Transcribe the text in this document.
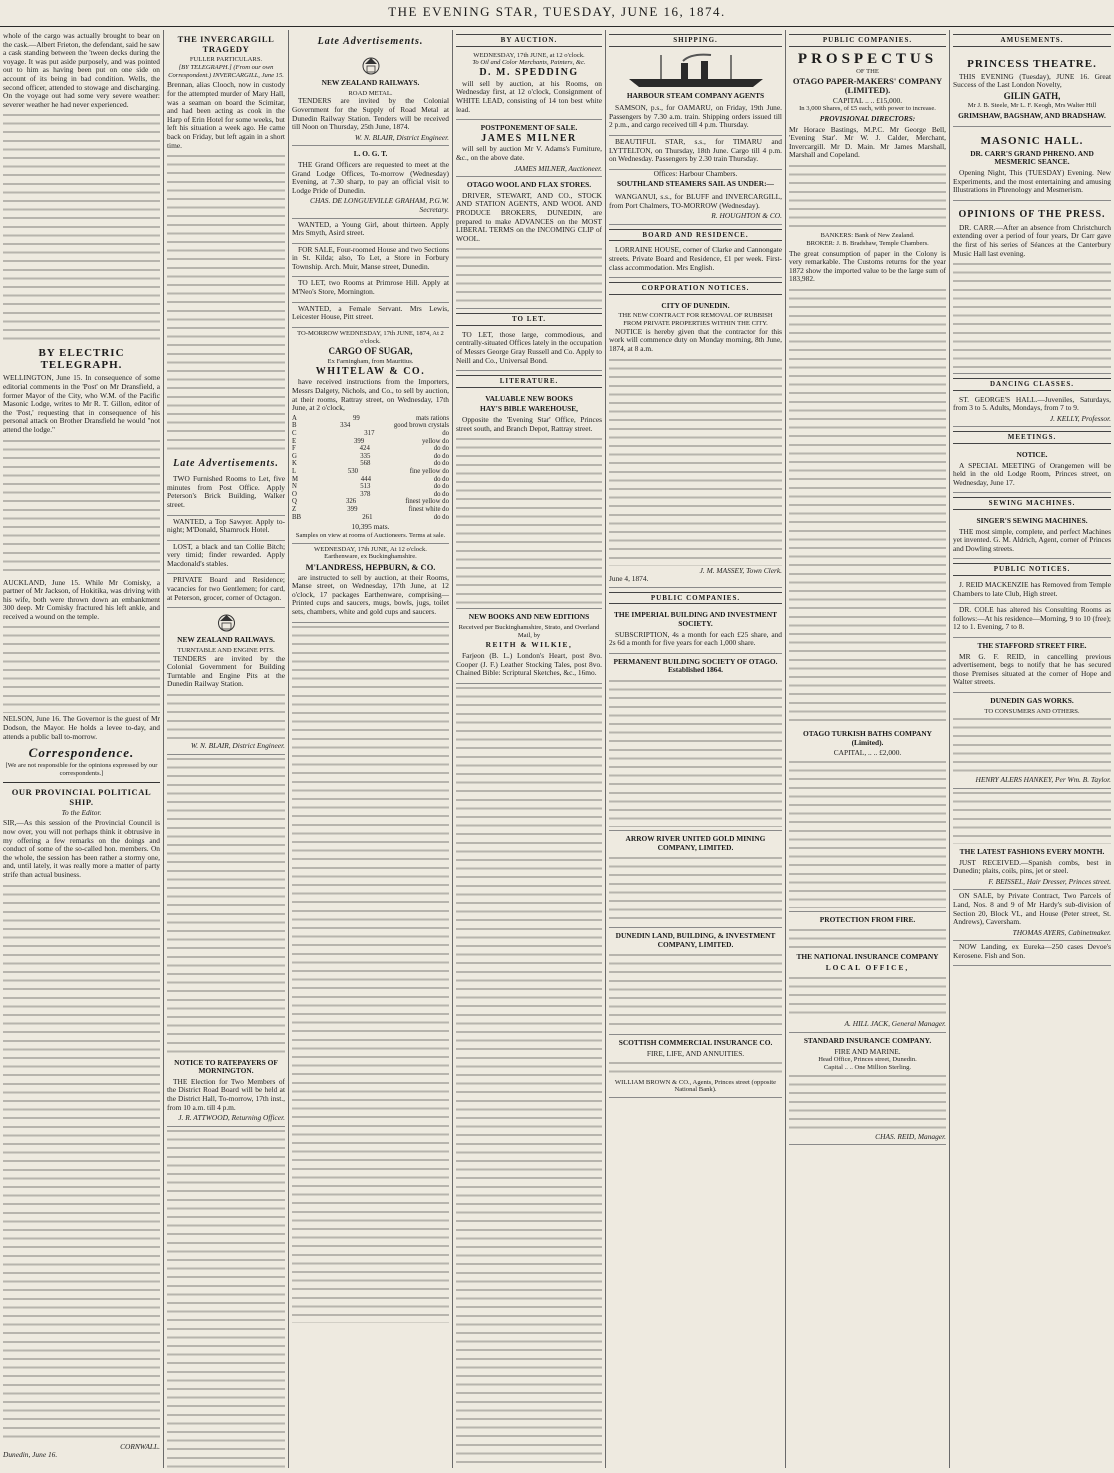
THE EVENING STAR, TUESDAY, JUNE 16, 1874.

whole of the cargo was actually brought to bear on the cask.—Albert Frieton, the defendant, said he saw a cask standing between the 'tween decks during the voyage. It was put aside purposely, and was pointed out to him as having been put on one side on account of its being in bad condition. Wells, the second officer, attended to stowage and discharging. On the voyage out had some very severe weather: severer weather he had never experienced.

BY ELECTRIC TELEGRAPH.

WELLINGTON, June 15. In consequence of some editorial comments in the 'Post' on Mr Dransfield, a former Mayor of the City, who W.M. of the Pacific Masonic Lodge, writes to Mr R. T. Gillon, editor of the 'Post,' requesting that in consequence of his personal attack on Brother Dransfield he would "not attend the lodge."

AUCKLAND, June 15. While Mr Comisky, a partner of Mr Jackson, of Hokitika, was driving with his wife, both were thrown down an embankment 300 deep. Mr Comisky fractured his left ankle, and received a wound on the temple.

NELSON, June 16. The Governor is the guest of Mr Dodson, the Mayor. He holds a levee to-day, and attends a public ball to-morrow.

Correspondence.
[We are not responsible for the opinions expressed by our correspondents.]
OUR PROVINCIAL POLITICAL SHIP.
To the Editor.

SIR,—As this session of the Provincial Council is now over, you will not perhaps think it obtrusive in my offering a few remarks on the doings and conduct of some of the so-called hon. members. On the whole, the session has been rather a stormy one, and, until lately, it was really more a matter of party strife than actual business.

CORNWALL.
Dunedin, June 16.
THE INVERCARGILL TRAGEDY
FULLER PARTICULARS.
[BY TELEGRAPH.] (From our own Correspondent.) INVERCARGILL, June 15.

Brennan, alias Clooch, now in custody for the attempted murder of Mary Hall, was a seaman on board the Scimitar, and had been acting as cook in the Harp of Erin Hotel for some weeks, but left his situation a week ago. He came back on Friday, but left again in a short time.

Late Advertisements.

TWO Furnished Rooms to Let, five minutes from Post Office. Apply Peterson's Brick Building, Walker street.

WANTED, a Top Sawyer. Apply to-night; M'Donald, Shamrock Hotel.

LOST, a black and tan Collie Bitch; very timid; finder rewarded. Apply Macdonald's stables.

PRIVATE Board and Residence; vacancies for two Gentlemen; for card, at Peterson, grocer, corner of Octagon.

NEW ZEALAND RAILWAYS.
TURNTABLE AND ENGINE PITS.

TENDERS are invited by the Colonial Government for Building Turntable and Engine Pits at the Dunedin Railway Station.

W. N. BLAIR, District Engineer.
NOTICE TO RATEPAYERS OF MORNINGTON.

THE Election for Two Members of the District Road Board will be held at the District Hall, To-morrow, 17th inst., from 10 a.m. till 4 p.m.

J. R. ATTWOOD, Returning Officer.
Late Advertisements.
NEW ZEALAND RAILWAYS.
ROAD METAL.

TENDERS are invited by the Colonial Government for the Supply of Road Metal at Dunedin Railway Station. Tenders will be received till Noon on Thursday, 25th June, 1874.

W. N. BLAIR, District Engineer.
L. O. G. T.

THE Grand Officers are requested to meet at the Grand Lodge Offices, To-morrow (Wednesday) Evening, at 7.30 sharp, to pay an official visit to Lodge Pride of Dunedin.

CHAS. DE LONGUEVILLE GRAHAM, P.G.W. Secretary.

WANTED, a Young Girl, about thirteen. Apply Mrs Smyth, Asird street.

FOR SALE, Four-roomed House and two Sections in St. Kilda; also, To Let, a Store in Forbury Township. Arch. Muir, Manse street, Dunedin.

TO LET, two Rooms at Primrose Hill. Apply at M'Neo's Store, Mornington.

WANTED, a Female Servant. Mrs Lewis, Leicester House, Pitt street.

TO-MORROW WEDNESDAY, 17th JUNE, 1874, At 2 o'clock.
CARGO OF SUGAR,
Ex Farningham, from Mauritius.
WHITELAW & CO.

have received instructions from the Importers, Messrs Dalgety, Nichols, and Co., to sell by auction, at their rooms, Rattray street, on Wednesday, 17th June, at 2 o'clock,

A	99	mats rations
B	334	good brown crystals
C	317	do
E	399	yellow do
F	424	do do
G	335	do do
K	568	do do
L	530	fine yellow do
M	444	do do
N	513	do do
O	378	do do
Q	326	finest yellow do
Z	399	finest white do
BB	261	do do
10,395 mats.
Samples on view at rooms of Auctioneers. Terms at sale.
WEDNESDAY, 17th JUNE, At 12 o'clock.
Earthenware, ex Buckinghamshire.
M'LANDRESS, HEPBURN, & CO.

are instructed to sell by auction, at their Rooms, Manse street, on Wednesday, 17th June, at 12 o'clock, 17 packages Earthenware, comprising—Printed cups and saucers, mugs, bowls, jugs, toilet sets, chambers, white and gold cups and saucers.

BY AUCTION.
WEDNESDAY, 17th JUNE, at 12 o'clock.
To Oil and Color Merchants, Painters, &c.
D. M. SPEDDING

will sell by auction, at his Rooms, on Wednesday first, at 12 o'clock, Consignment of WHITE LEAD, consisting of 14 ton best white lead.

POSTPONEMENT OF SALE.
JAMES MILNER

will sell by auction Mr V. Adams's Furniture, &c., on the above date.

JAMES MILNER, Auctioneer.
OTAGO WOOL AND FLAX STORES.

DRIVER, STEWART, AND CO., STOCK AND STATION AGENTS, AND WOOL AND PRODUCE BROKERS, DUNEDIN, are prepared to make ADVANCES on the MOST LIBERAL TERMS on the INCOMING CLIP of WOOL.

TO LET.

TO LET, those large, commodious, and centrally-situated Offices lately in the occupation of Messrs George Gray Russell and Co. Apply to Neill and Co., Universal Bond.

LITERATURE.
VALUABLE NEW BOOKS
HAY'S BIBLE WAREHOUSE,

Opposite the 'Evening Star' Office, Princes street south, and Branch Depot, Rattray street.

NEW BOOKS AND NEW EDITIONS
Received per Buckinghamshire, Strato, and Overland Mail, by
REITH & WILKIE,

Farjeon (B. L.) London's Heart, post 8vo. Cooper (J. F.) Leather Stocking Tales, post 8vo. Chained Bible: Scriptural Sketches, &c., 16mo.

SHIPPING.
HARBOUR STEAM COMPANY AGENTS

SAMSON, p.s., for OAMARU, on Friday, 19th June. Passengers by 7.30 a.m. train. Shipping orders issued till 2 p.m., and cargo received till 4 p.m. Thursday.

BEAUTIFUL STAR, s.s., for TIMARU and LYTTELTON, on Thursday, 18th June. Cargo till 4 p.m. on Wednesday. Passengers by 2.30 train Thursday.

Offices: Harbour Chambers.
SOUTHLAND STEAMERS SAIL AS UNDER:—

WANGANUI, s.s., for BLUFF and INVERCARGILL, from Port Chalmers, TO-MORROW (Wednesday).

R. HOUGHTON & CO.
BOARD AND RESIDENCE.

LORRAINE HOUSE, corner of Clarke and Cannongate streets. Private Board and Residence, £1 per week. First-class accommodation. Mrs English.

CORPORATION NOTICES.
CITY OF DUNEDIN.
THE NEW CONTRACT FOR REMOVAL OF RUBBISH FROM PRIVATE PROPERTIES WITHIN THE CITY.

NOTICE is hereby given that the contractor for this work will commence duty on Monday morning, 8th June, 1874, at 8 a.m.

J. M. MASSEY, Town Clerk.
June 4, 1874.
PUBLIC COMPANIES.
THE IMPERIAL BUILDING AND INVESTMENT SOCIETY.

SUBSCRIPTION, 4s a month for each £25 share, and 2s 6d a month for five years for each 1,000 share.

PERMANENT BUILDING SOCIETY OF OTAGO. Established 1864.
ARROW RIVER UNITED GOLD MINING COMPANY, LIMITED.
DUNEDIN LAND, BUILDING, & INVESTMENT COMPANY, LIMITED.
SCOTTISH COMMERCIAL INSURANCE CO.
FIRE, LIFE, AND ANNUITIES.
WILLIAM BROWN & CO., Agents, Princes street (opposite National Bank).
PUBLIC COMPANIES.
PROSPECTUS
OF THE
OTAGO PAPER-MAKERS' COMPANY (LIMITED).
CAPITAL .. .. £15,000.
In 3,000 Shares, of £5 each, with power to increase.
PROVISIONAL DIRECTORS:

Mr Horace Bastings, M.P.C. Mr George Bell, 'Evening Star'. Mr W. J. Calder, Merchant, Invercargill. Mr D. Main. Mr James Marshall, Marshall and Copeland.

BANKERS: Bank of New Zealand.
BROKER: J. B. Bradshaw, Temple Chambers.

The great consumption of paper in the Colony is very remarkable. The Customs returns for the year 1872 show the imported value to be the large sum of 183,982.

OTAGO TURKISH BATHS COMPANY (Limited).
CAPITAL, .. .. £2,000.
PROTECTION FROM FIRE.
THE NATIONAL INSURANCE COMPANY
LOCAL OFFICE,
A. HILL JACK, General Manager.
STANDARD INSURANCE COMPANY.
FIRE AND MARINE.
Head Office, Princes street, Dunedin.
Capital .. .. One Million Sterling.
CHAS. REID, Manager.
AMUSEMENTS.
PRINCESS THEATRE.

THIS EVENING (Tuesday), JUNE 16. Great Success of the Last London Novelty,

GILIN GATH,
Mr J. B. Steele, Mr L. F. Keogh, Mrs Walter Hill
GRIMSHAW, BAGSHAW, AND BRADSHAW.
MASONIC HALL.
DR. CARR'S GRAND PHRENO. AND MESMERIC SEANCE.

Opening Night, This (TUESDAY) Evening. New Experiments, and the most entertaining and amusing Illustrations in Phrenology and Mesmerism.

OPINIONS OF THE PRESS.

DR. CARR.—After an absence from Christchurch extending over a period of four years, Dr Carr gave the first of his series of Séances at the Canterbury Music Hall last evening.

DANCING CLASSES.

ST. GEORGE'S HALL.—Juveniles, Saturdays, from 3 to 5. Adults, Mondays, from 7 to 9.

J. KELLY, Professor.
MEETINGS.
NOTICE.

A SPECIAL MEETING of Orangemen will be held in the old Lodge Room, Princes street, on Wednesday, June 17.

SEWING MACHINES.
SINGER'S SEWING MACHINES.

THE most simple, complete, and perfect Machines yet invented. G. M. Aldrich, Agent, corner of Princes and Dowling streets.

PUBLIC NOTICES.

J. REID MACKENZIE has Removed from Temple Chambers to late Club, High street.

DR. COLE has altered his Consulting Rooms as follows:—At his residence—Morning, 9 to 10 (free); 12 to 1. Evening, 7 to 8.

THE STAFFORD STREET FIRE.

MR G. F. REID, in cancelling previous advertisement, begs to notify that he has secured those Premises situated at the corner of Hope and Walter streets.

DUNEDIN GAS WORKS.
TO CONSUMERS AND OTHERS.
HENRY ALERS HANKEY, Per Wm. B. Taylor.
THE LATEST FASHIONS EVERY MONTH.

JUST RECEIVED.—Spanish combs, best in Dunedin; plaits, coils, pins, jet or steel.

F. BEISSEL, Hair Dresser, Princes street.

ON SALE, by Private Contract, Two Parcels of Land, Nos. 8 and 9 of Mr Hardy's sub-division of Section 20, Block VI., and House (Peter street, St. Andrews), Caversham.

THOMAS AYERS, Cabinetmaker.

NOW Landing, ex Eureka—250 cases Devoe's Kerosene. Fish and Son.
